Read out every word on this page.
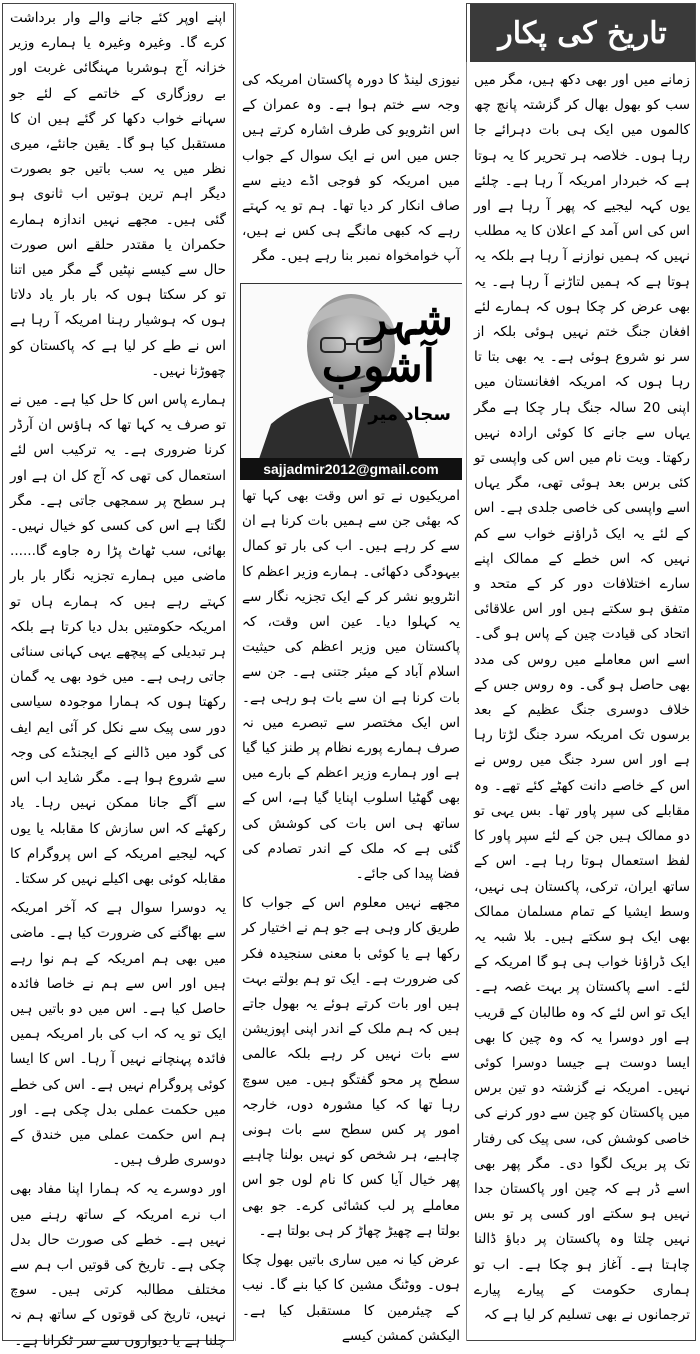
تاریخ کی پکار

زمانے میں اور بھی دکھ ہیں، مگر میں سب کو بھول بھال کر گزشتہ پانچ چھ کالموں میں ایک ہی بات دہرائے جا رہا ہوں۔ خلاصہ ہر تحریر کا یہ ہوتا ہے کہ خبردار امریکہ آ رہا ہے۔ چلئے یوں کہہ لیجیے کہ پھر آ رہا ہے اور اس کی اس آمد کے اعلان کا یہ مطلب نہیں کہ ہمیں نوازنے آ رہا ہے بلکہ یہ ہوتا ہے کہ ہمیں لتاڑنے آ رہا ہے۔ یہ بھی عرض کر چکا ہوں کہ ہمارے لئے افغان جنگ ختم نہیں ہوئی بلکہ از سر نو شروع ہوئی ہے۔ یہ بھی بتا تا رہا ہوں کہ امریکہ افغانستان میں اپنی 20 سالہ جنگ ہار چکا ہے مگر یہاں سے جانے کا کوئی ارادہ نہیں رکھتا۔ ویت نام میں اس کی واپسی تو کئی برس بعد ہوئی تھی، مگر یہاں اسے واپسی کی خاصی جلدی ہے۔ اس کے لئے یہ ایک ڈراؤنے خواب سے کم نہیں کہ اس خطے کے ممالک اپنے سارے اختلافات دور کر کے متحد و متفق ہو سکتے ہیں اور اس علاقائی اتحاد کی قیادت چین کے پاس ہو گی۔ اسے اس معاملے میں روس کی مدد بھی حاصل ہو گی۔ وہ روس جس کے خلاف دوسری جنگ عظیم کے بعد برسوں تک امریکہ سرد جنگ لڑتا رہا ہے اور اس سرد جنگ میں روس نے اس کے خاصے دانت کھٹے کئے تھے۔ وہ مقابلے کی سپر پاور تھا۔ بس یہی تو دو ممالک ہیں جن کے لئے سپر پاور کا لفظ استعمال ہوتا رہا ہے۔ اس کے ساتھ ایران، ترکی، پاکستان ہی نہیں، وسط ایشیا کے تمام مسلمان ممالک بھی ایک ہو سکتے ہیں۔ بلا شبہ یہ ایک ڈراؤنا خواب ہی ہو گا امریکہ کے لئے۔ اسے پاکستان پر بہت غصہ ہے۔ ایک تو اس لئے کہ وہ طالبان کے قریب ہے اور دوسرا یہ کہ وہ چین کا بھی ایسا دوست ہے جیسا دوسرا کوئی نہیں۔ امریکہ نے گزشتہ دو تین برس میں پاکستان کو چین سے دور کرنے کی خاصی کوشش کی، سی پیک کی رفتار تک پر بریک لگوا دی۔ مگر پھر بھی اسے ڈر ہے کہ چین اور پاکستان جدا نہیں ہو سکتے اور کسی پر تو بس نہیں چلتا وہ پاکستان پر دباؤ ڈالنا چاہتا ہے۔ آغاز ہو چکا ہے۔ اب تو ہماری حکومت کے پیارے پیارے ترجمانوں نے بھی تسلیم کر لیا ہے کہ

نیوزی لینڈ کا دورہ پاکستان امریکہ کی وجہ سے ختم ہوا ہے۔ وہ عمران کے اس انٹرویو کی طرف اشارہ کرتے ہیں جس میں اس نے ایک سوال کے جواب میں امریکہ کو فوجی اڈے دینے سے صاف انکار کر دیا تھا۔ ہم تو یہ کہتے رہے کہ کبھی مانگے ہی کس نے ہیں، آپ خوامخواہ نمبر بنا رہے ہیں۔ مگر

شہر
آشوب
سجاد میر
sajjadmir2012@gmail.com

امریکیوں نے تو اس وقت بھی کہا تھا کہ بھئی جن سے ہمیں بات کرنا ہے ان سے کر رہے ہیں۔ اب کی بار تو کمال بیہودگی دکھائی۔ ہمارے وزیر اعظم کا انٹرویو نشر کر کے ایک تجزیہ نگار سے یہ کہلوا دیا۔ عین اس وقت، کہ پاکستان میں وزیر اعظم کی حیثیت اسلام آباد کے میئر جتنی ہے۔ جن سے بات کرنا ہے ان سے بات ہو رہی ہے۔ اس ایک مختصر سے تبصرے میں نہ صرف ہمارے پورے نظام پر طنز کیا گیا ہے اور ہمارے وزیر اعظم کے بارے میں بھی گھٹیا اسلوب اپنایا گیا ہے، اس کے ساتھ ہی اس بات کی کوشش کی گئی ہے کہ ملک کے اندر تصادم کی فضا پیدا کی جائے۔

مجھے نہیں معلوم اس کے جواب کا طریق کار وہی ہے جو ہم نے اختیار کر رکھا ہے یا کوئی با معنی سنجیدہ فکر کی ضرورت ہے۔ ایک تو ہم بولتے بہت ہیں اور بات کرتے ہوئے یہ بھول جاتے ہیں کہ ہم ملک کے اندر اپنی اپوزیشن سے بات نہیں کر رہے بلکہ عالمی سطح پر محو گفتگو ہیں۔ میں سوچ رہا تھا کہ کیا مشورہ دوں، خارجہ امور پر کس سطح سے بات ہونی چاہیے، ہر شخص کو نہیں بولنا چاہیے پھر خیال آیا کس کا نام لوں جو اس معاملے پر لب کشائی کرے۔ جو بھی بولتا ہے چھیڑ چھاڑ کر ہی بولتا ہے۔

عرض کیا نہ میں ساری باتیں بھول چکا ہوں۔ ووٹنگ مشین کا کیا بنے گا۔ نیب کے چیئرمین کا مستقبل کیا ہے۔ الیکشن کمشن کیسے

اپنے اوپر کئے جانے والے وار برداشت کرے گا۔ وغیرہ وغیرہ یا ہمارے وزیر خزانہ آج ہوشربا مہنگائی غربت اور بے روزگاری کے خاتمے کے لئے جو سہانے خواب دکھا کر گئے ہیں ان کا مستقبل کیا ہو گا۔ یقین جانئے، میری نظر میں یہ سب باتیں جو بصورت دیگر اہم ترین ہوتیں اب ثانوی ہو گئی ہیں۔ مجھے نہیں اندازہ ہمارے حکمران یا مقتدر حلقے اس صورت حال سے کیسے نپٹیں گے مگر میں اتنا تو کر سکتا ہوں کہ بار بار یاد دلاتا ہوں کہ ہوشیار رہنا امریکہ آ رہا ہے اس نے طے کر لیا ہے کہ پاکستان کو چھوڑنا نہیں۔

ہمارے پاس اس کا حل کیا ہے۔ میں نے تو صرف یہ کہا تھا کہ ہاؤس ان آرڈر کرنا ضروری ہے۔ یہ ترکیب اس لئے استعمال کی تھی کہ آج کل ان ہے اور ہر سطح پر سمجھی جاتی ہے۔ مگر لگتا ہے اس کی کسی کو خیال نہیں۔ بھائی، سب ٹھاٹ پڑا رہ جاوے گا...... ماضی میں ہمارے تجزیہ نگار بار بار کہتے رہے ہیں کہ ہمارے ہاں تو امریکہ حکومتیں بدل دیا کرتا ہے بلکہ ہر تبدیلی کے پیچھے یہی کہانی سنائی جاتی رہی ہے۔ میں خود بھی یہ گمان رکھتا ہوں کہ ہمارا موجودہ سیاسی دور سی پیک سے نکل کر آئی ایم ایف کی گود میں ڈالنے کے ایجنڈے کی وجہ سے شروع ہوا ہے۔ مگر شاید اب اس سے آگے جانا ممکن نہیں رہا۔ یاد رکھئے کہ اس سازش کا مقابلہ یا یوں کہہ لیجیے امریکہ کے اس پروگرام کا مقابلہ کوئی بھی اکیلے نہیں کر سکتا۔

یہ دوسرا سوال ہے کہ آخر امریکہ سے بھاگنے کی ضرورت کیا ہے۔ ماضی میں بھی ہم امریکہ کے ہم نوا رہے ہیں اور اس سے ہم نے خاصا فائدہ حاصل کیا ہے۔ اس میں دو باتیں ہیں ایک تو یہ کہ اب کی بار امریکہ ہمیں فائدہ پہنچانے نہیں آ رہا۔ اس کا ایسا کوئی پروگرام نہیں ہے۔ اس کی خطے میں حکمت عملی بدل چکی ہے۔ اور ہم اس حکمت عملی میں خندق کے دوسری طرف ہیں۔

اور دوسرے یہ کہ ہمارا اپنا مفاد بھی اب نرے امریکہ کے ساتھ رہنے میں نہیں ہے۔ خطے کی صورت حال بدل چکی ہے۔ تاریخ کی قوتیں اب ہم سے مختلف مطالبہ کرتی ہیں۔ سوچ نہیں، تاریخ کی قوتوں کے ساتھ ہم نہ چلنا ہے یا دیواروں سے سر ٹکرانا ہے۔
